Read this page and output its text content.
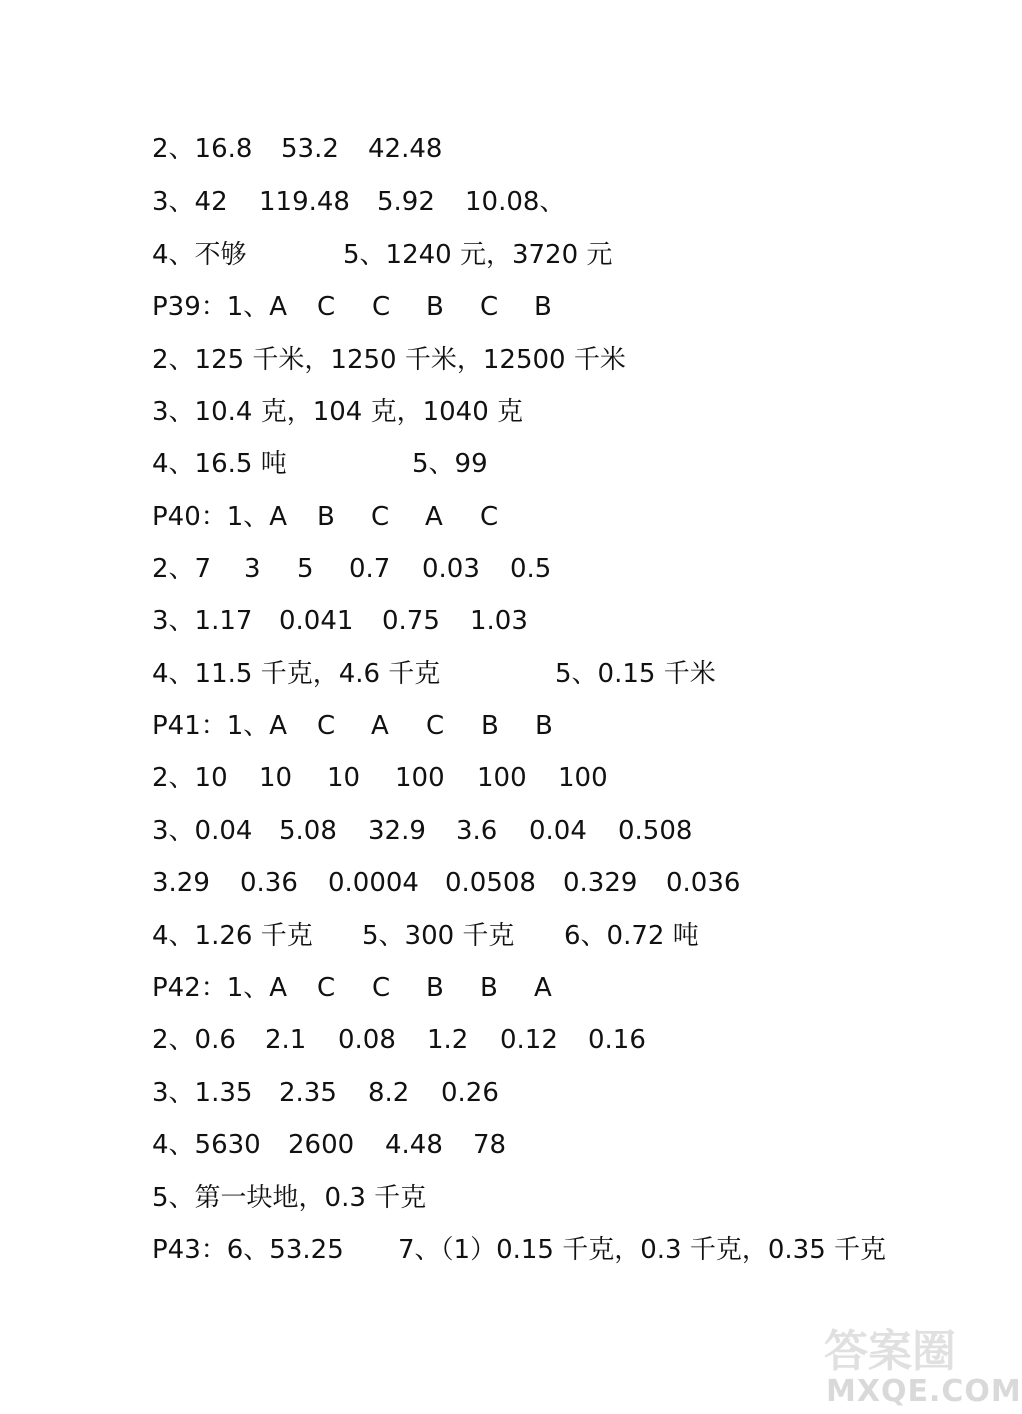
2、16.8 53.2 42.48
3、42 119.48 5.92 10.08、
4、不够	5、1240 元，3720 元
P39：1、A C C B C B
2、125 千米，1250 千米，12500 千米
3、10.4 克，104 克，1040 克
4、16.5 吨	5、99
P40：1、A B C A C
2、7 3 5 0.7 0.03 0.5
3、1.17 0.041 0.75 1.03
4、11.5 千克，4.6 千克	5、0.15 千米
P41：1、A C A C B B
2、10 10 10 100 100 100
3、0.04 5.08 32.9 3.6 0.04 0.508
3.29 0.36 0.0004 0.0508 0.329 0.036
4、1.26 千克 5、300 千克 6、0.72 吨
P42：1、A C C B B A
2、0.6 2.1 0.08 1.2 0.12 0.16
3、1.35 2.35 8.2 0.26
4、5630 2600 4.48 78
5、第一块地，0.3 千克
P43：6、53.25 7、（1）0.15 千克，0.3 千克，0.35 千克
答案圈
MXQE.COM
